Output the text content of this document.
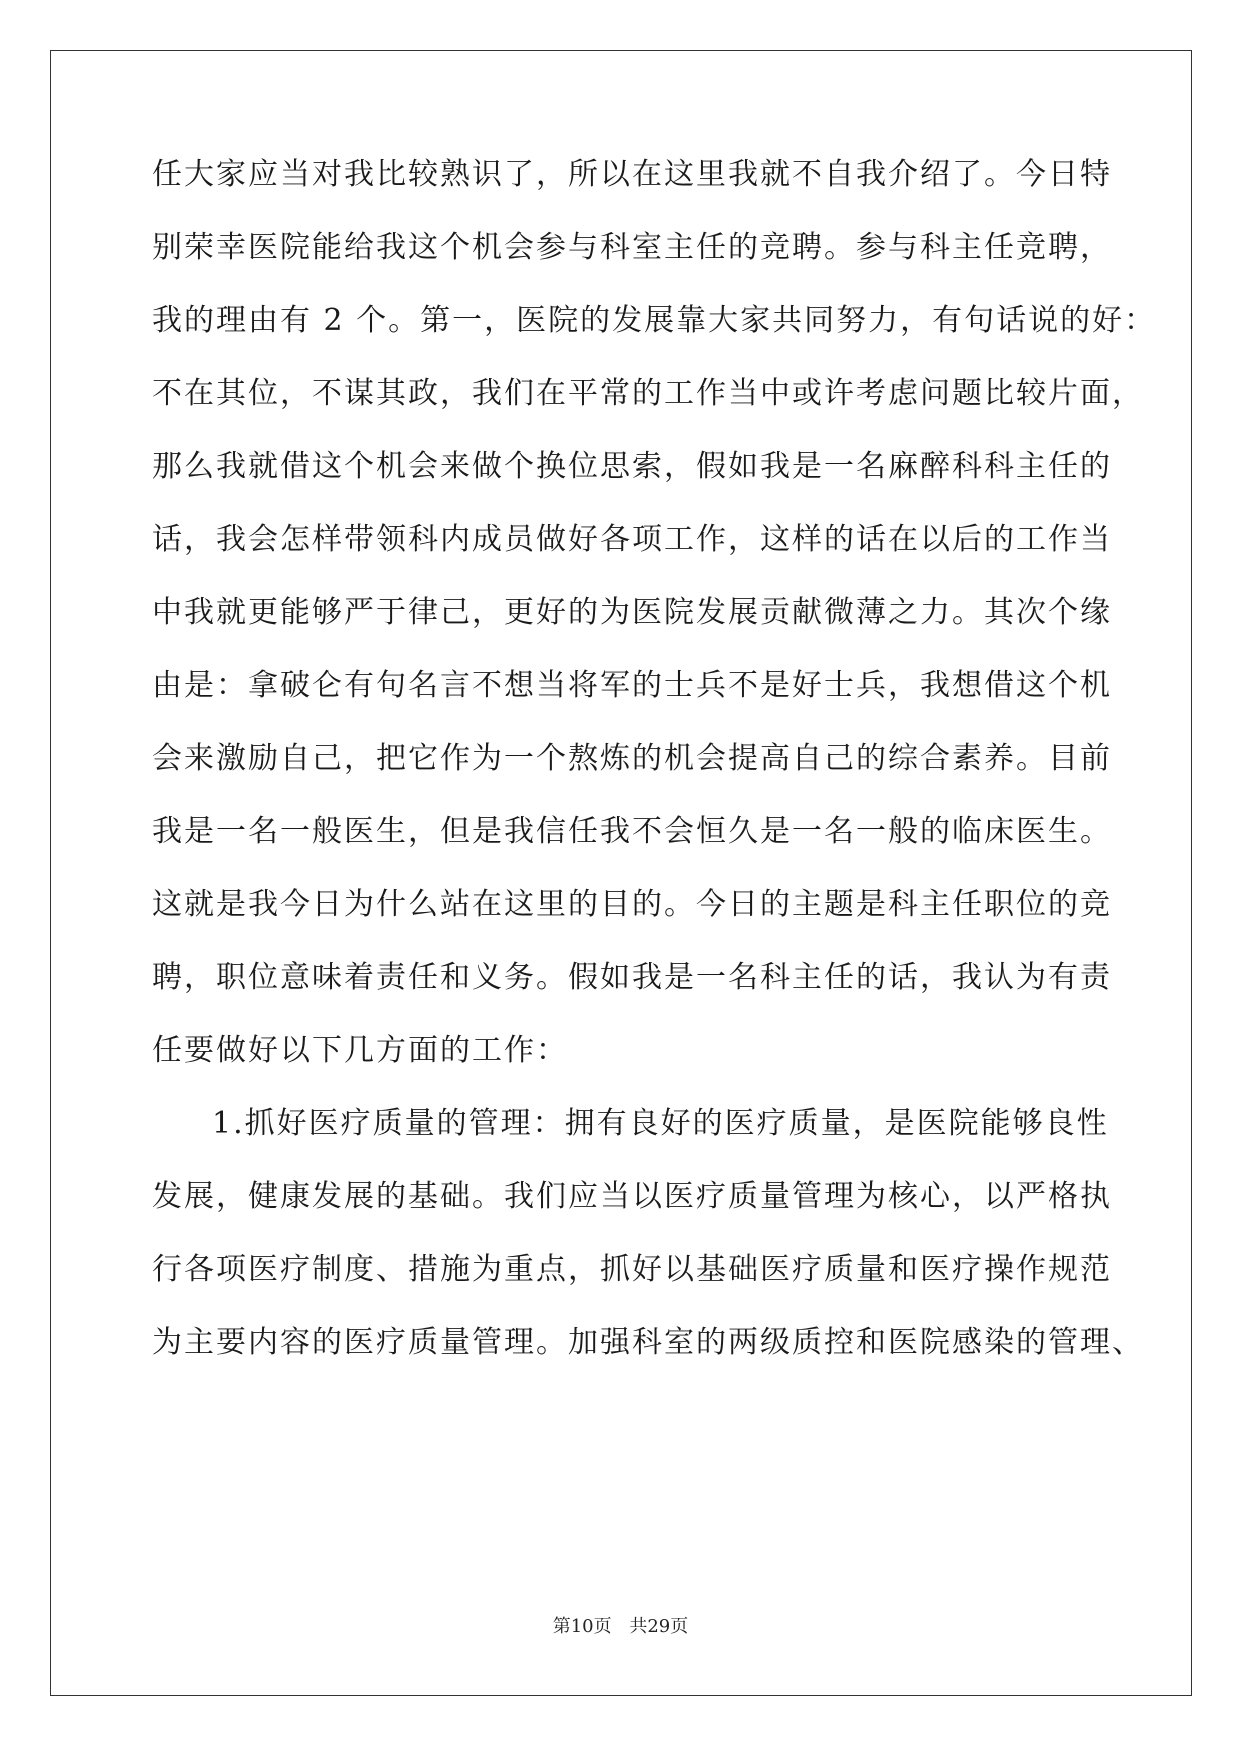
任大家应当对我比较熟识了，所以在这里我就不自我介绍了。今日特
别荣幸医院能给我这个机会参与科室主任的竞聘。参与科主任竞聘，
我的理由有 2 个。第一，医院的发展靠大家共同努力，有句话说的好：
不在其位，不谋其政，我们在平常的工作当中或许考虑问题比较片面，
那么我就借这个机会来做个换位思索，假如我是一名麻醉科科主任的
话，我会怎样带领科内成员做好各项工作，这样的话在以后的工作当
中我就更能够严于律己，更好的为医院发展贡献微薄之力。其次个缘
由是：拿破仑有句名言不想当将军的士兵不是好士兵，我想借这个机
会来激励自己，把它作为一个熬炼的机会提高自己的综合素养。目前
我是一名一般医生，但是我信任我不会恒久是一名一般的临床医生。
这就是我今日为什么站在这里的目的。今日的主题是科主任职位的竞
聘，职位意味着责任和义务。假如我是一名科主任的话，我认为有责
任要做好以下几方面的工作：
1.抓好医疗质量的管理：拥有良好的医疗质量，是医院能够良性
发展，健康发展的基础。我们应当以医疗质量管理为核心，以严格执
行各项医疗制度、措施为重点，抓好以基础医疗质量和医疗操作规范
为主要内容的医疗质量管理。加强科室的两级质控和医院感染的管理、
第10页 共29页
